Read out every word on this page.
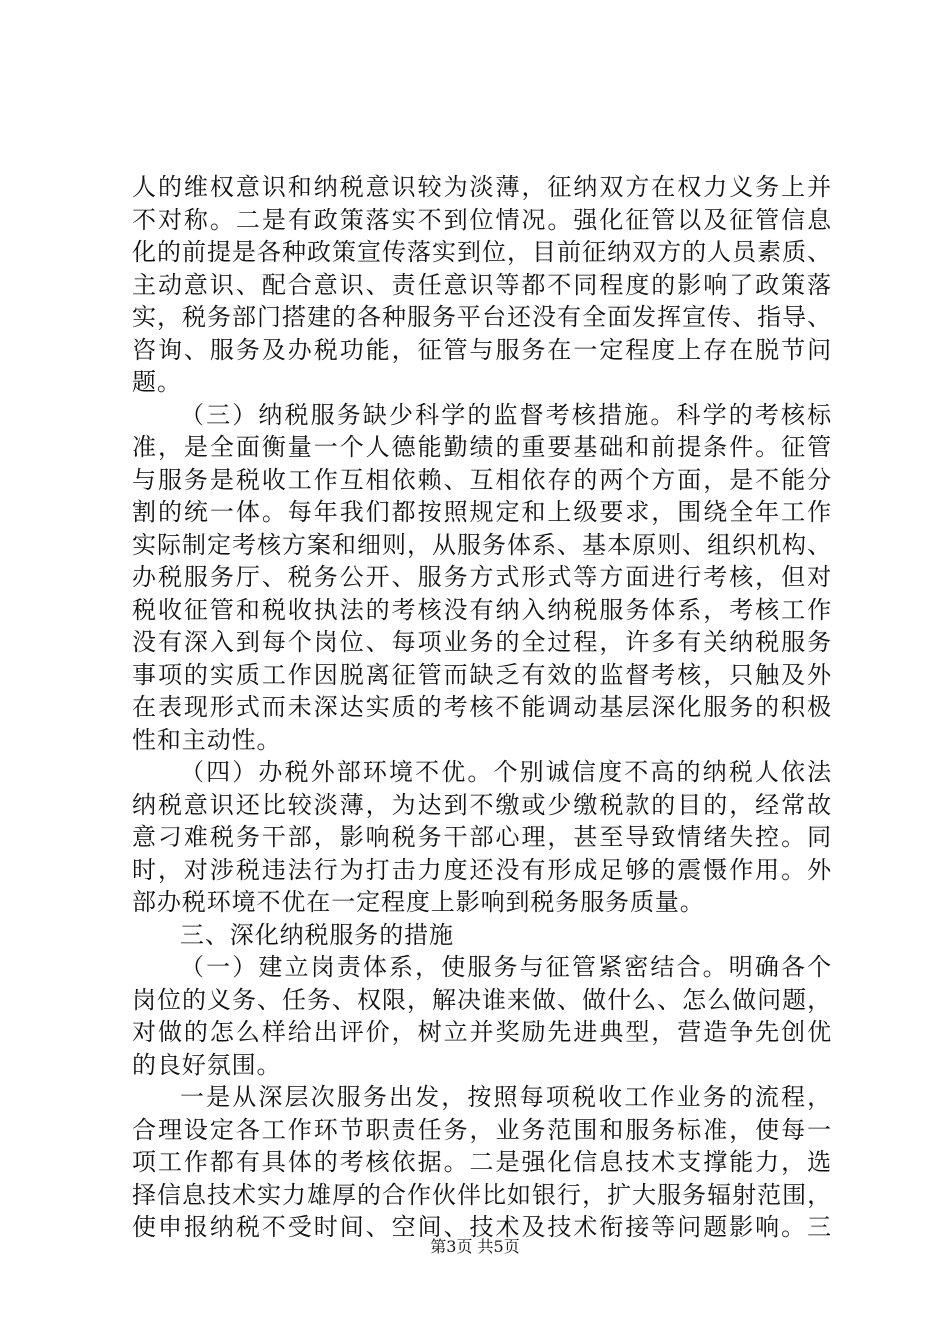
人的维权意识和纳税意识较为淡薄，征纳双方在权力义务上并
不对称。二是有政策落实不到位情况。强化征管以及征管信息
化的前提是各种政策宣传落实到位，目前征纳双方的人员素质、
主动意识、配合意识、责任意识等都不同程度的影响了政策落
实，税务部门搭建的各种服务平台还没有全面发挥宣传、指导、
咨询、服务及办税功能，征管与服务在一定程度上存在脱节问
题。
（三）纳税服务缺少科学的监督考核措施。科学的考核标
准，是全面衡量一个人德能勤绩的重要基础和前提条件。征管
与服务是税收工作互相依赖、互相依存的两个方面，是不能分
割的统一体。每年我们都按照规定和上级要求，围绕全年工作
实际制定考核方案和细则，从服务体系、基本原则、组织机构、
办税服务厅、税务公开、服务方式形式等方面进行考核，但对
税收征管和税收执法的考核没有纳入纳税服务体系，考核工作
没有深入到每个岗位、每项业务的全过程，许多有关纳税服务
事项的实质工作因脱离征管而缺乏有效的监督考核，只触及外
在表现形式而未深达实质的考核不能调动基层深化服务的积极
性和主动性。
（四）办税外部环境不优。个别诚信度不高的纳税人依法
纳税意识还比较淡薄，为达到不缴或少缴税款的目的，经常故
意刁难税务干部，影响税务干部心理，甚至导致情绪失控。同
时，对涉税违法行为打击力度还没有形成足够的震慑作用。外
部办税环境不优在一定程度上影响到税务服务质量。
三、深化纳税服务的措施
（一）建立岗责体系，使服务与征管紧密结合。明确各个
岗位的义务、任务、权限，解决谁来做、做什么、怎么做问题，
对做的怎么样给出评价，树立并奖励先进典型，营造争先创优
的良好氛围。
一是从深层次服务出发，按照每项税收工作业务的流程，
合理设定各工作环节职责任务，业务范围和服务标准，使每一
项工作都有具体的考核依据。二是强化信息技术支撑能力，选
择信息技术实力雄厚的合作伙伴比如银行，扩大服务辐射范围，
使申报纳税不受时间、空间、技术及技术衔接等问题影响。三
第3页 共5页
